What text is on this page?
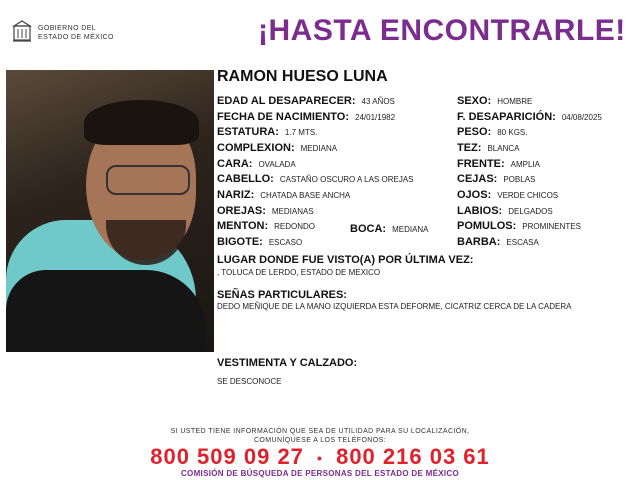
GOBIERNO DEL
ESTADO DE MÉXICO	¡HASTA ENCONTRARLE!
RAMON HUESO LUNA
EDAD AL DESAPARECER: 43 AÑOS
FECHA DE NACIMIENTO: 24/01/1982
ESTATURA: 1.7 MTS.
COMPLEXION: MEDIANA
CARA: OVALADA
CABELLO: CASTAÑO OSCURO A LAS OREJAS
NARIZ: CHATADA BASE ANCHA
OREJAS: MEDIANAS
MENTON: REDONDO	BOCA: MEDIANA
BIGOTE: ESCASO
SEXO: HOMBRE
F. DESAPARICIÓN: 04/08/2025
PESO: 80 KGS.
TEZ: BLANCA
FRENTE: AMPLIA
CEJAS: POBLAS
OJOS: VERDE CHICOS
LABIOS: DELGADOS
POMULOS: PROMINENTES
BARBA: ESCASA
LUGAR DONDE FUE VISTO(A) POR ÚLTIMA VEZ:
, TOLUCA DE LERDO, ESTADO DE MEXICO
SEÑAS PARTICULARES:
DEDO MEÑIQUE DE LA MANO IZQUIERDA ESTA DEFORME, CICATRIZ CERCA DE LA CADERA
VESTIMENTA Y CALZADO:
SE DESCONOCE
SI USTED TIENE INFORMACIÓN QUE SEA DE UTILIDAD PARA SU LOCALIZACIÓN,
COMUNÍQUESE A LOS TELÉFONOS:
800 509 09 27 • 800 216 03 61
COMISIÓN DE BÚSQUEDA DE PERSONAS DEL ESTADO DE MÉXICO
